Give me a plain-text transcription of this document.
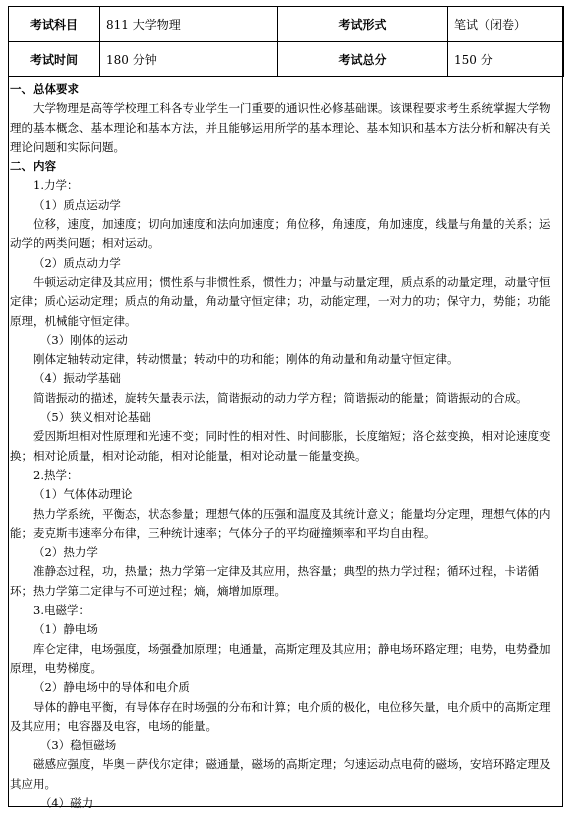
考试科目	811 大学物理	考试形式	笔试（闭卷）
考试时间	180 分钟	考试总分	150 分

一、总体要求

大学物理是高等学校理工科各专业学生一门重要的通识性必修基础课。该课程要求考生系统掌握大学物理的基本概念、基本理论和基本方法，并且能够运用所学的基本理论、基本知识和基本方法分析和解决有关理论问题和实际问题。

二、内容

1.力学：

（1）质点运动学

位移，速度，加速度；切向加速度和法向加速度；角位移，角速度，角加速度，线量与角量的关系；运动学的两类问题；相对运动。

（2）质点动力学

牛顿运动定律及其应用；惯性系与非惯性系，惯性力；冲量与动量定理，质点系的动量定理，动量守恒定律；质心运动定理；质点的角动量，角动量守恒定律；功，动能定理，一对力的功；保守力，势能；功能原理，机械能守恒定律。

（3）刚体的运动

刚体定轴转动定律，转动惯量；转动中的功和能；刚体的角动量和角动量守恒定律。

（4）振动学基础

简谐振动的描述，旋转矢量表示法，简谐振动的动力学方程；简谐振动的能量；简谐振动的合成。

（5）狭义相对论基础

爱因斯坦相对性原理和光速不变；同时性的相对性、时间膨胀，长度缩短；洛仑兹变换，相对论速度变换；相对论质量，相对论动能，相对论能量，相对论动量－能量变换。

2.热学：

（1）气体体动理论

热力学系统，平衡态，状态参量；理想气体的压强和温度及其统计意义；能量均分定理，理想气体的内能；麦克斯韦速率分布律，三种统计速率；气体分子的平均碰撞频率和平均自由程。

（2）热力学

准静态过程，功，热量；热力学第一定律及其应用，热容量；典型的热力学过程；循环过程，卡诺循环；热力学第二定律与不可逆过程；熵，熵增加原理。

3.电磁学：

（1）静电场

库仑定律，电场强度，场强叠加原理；电通量，高斯定理及其应用；静电场环路定理；电势，电势叠加原理，电势梯度。

（2）静电场中的导体和电介质

导体的静电平衡，有导体存在时场强的分布和计算；电介质的极化，电位移矢量，电介质中的高斯定理及其应用；电容器及电容，电场的能量。

（3）稳恒磁场

磁感应强度，毕奥－萨伐尔定律；磁通量，磁场的高斯定理；匀速运动点电荷的磁场，安培环路定理及其应用。

（4）磁力
